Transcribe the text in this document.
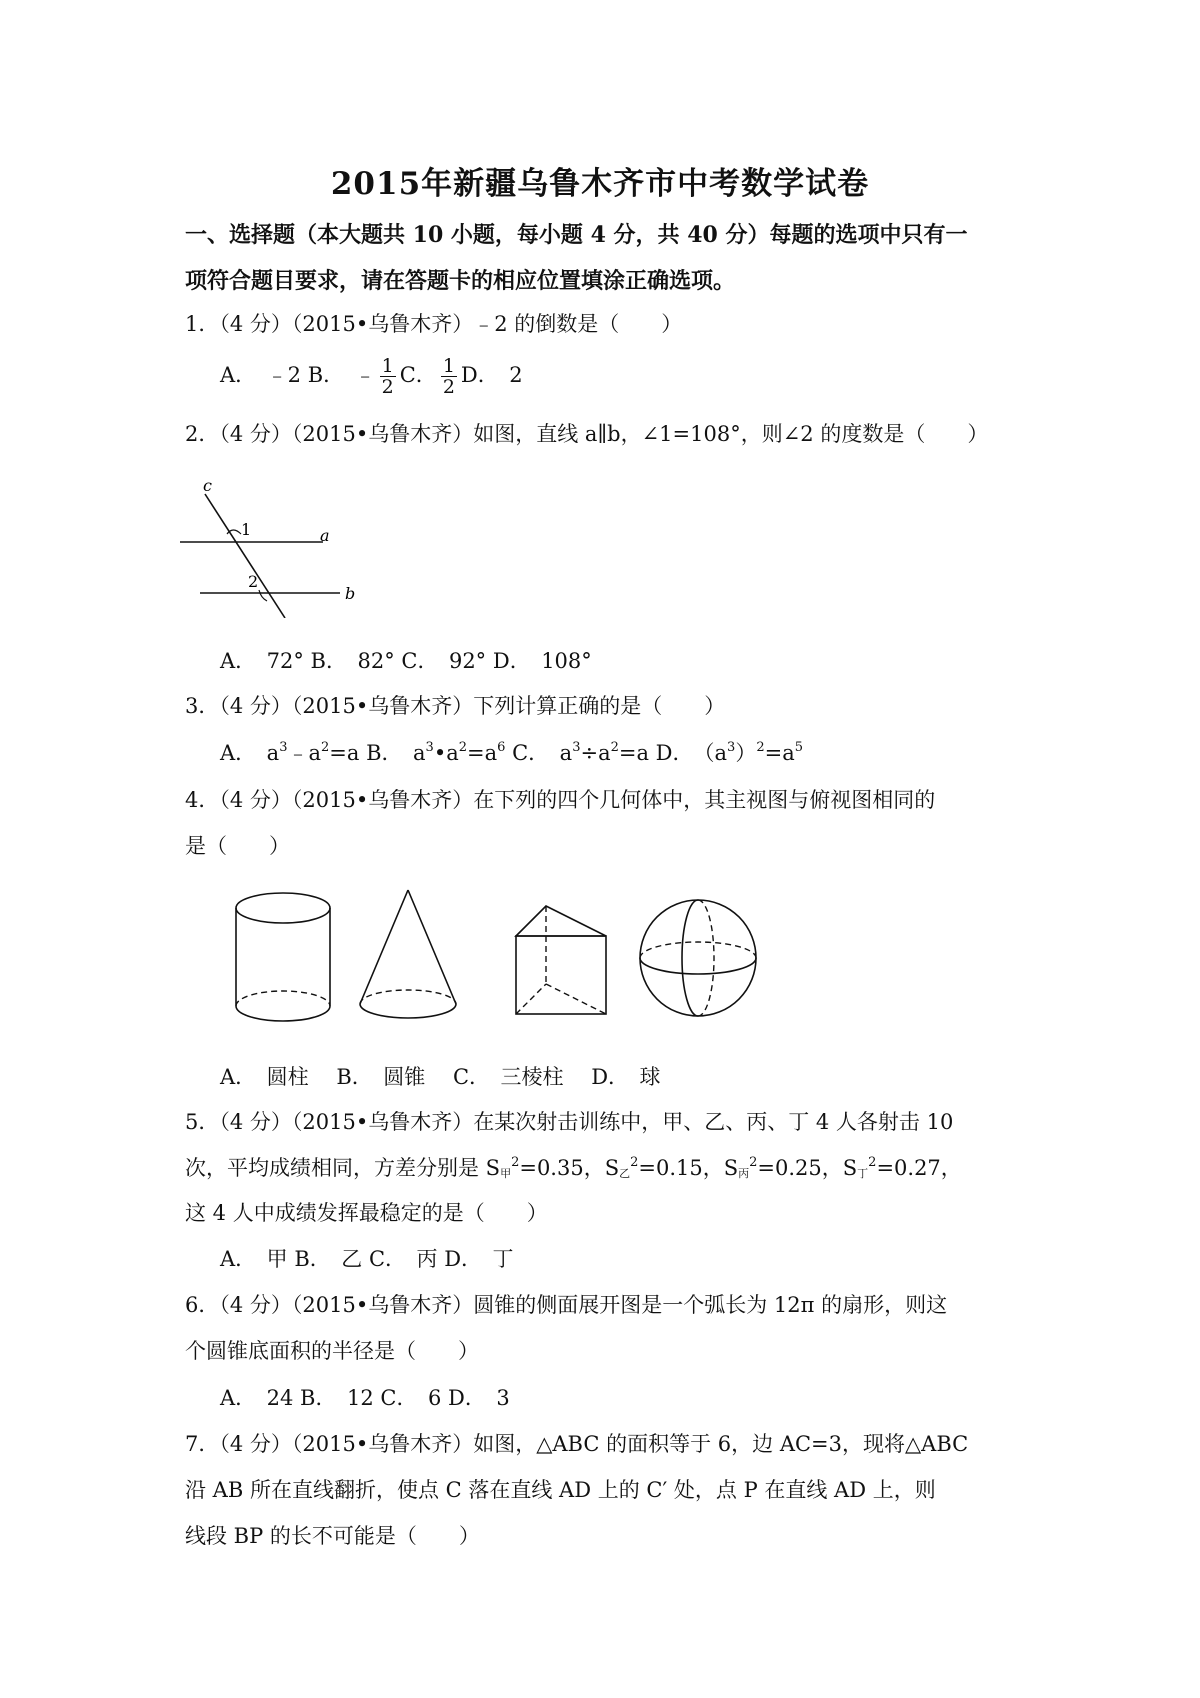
2015年新疆乌鲁木齐市中考数学试卷
一、选择题（本大题共 10 小题，每小题 4 分，共 40 分）每题的选项中只有一
项符合题目要求，请在答题卡的相应位置填涂正确选项。
1．（4 分）（2015•乌鲁木齐）﹣2 的倒数是（　　）
A．　﹣2 B．　﹣ $\frac{1}{2}$ C． $\frac{1}{2}$ D．　2
2．（4 分）（2015•乌鲁木齐）如图，直线 a∥b，∠1=108°，则∠2 的度数是（　　）
c
1	a
2
b
A．　72° B．　82° C．　92° D．　108°
3．（4 分）（2015•乌鲁木齐）下列计算正确的是（　　）
A．　$a^3﹣a^2=a$ B．　$a^3•a^2=a^6$ C．　$a^3\div a^2=a$ D．　$(a^3)^2=a^5$
4．（4 分）（2015•乌鲁木齐）在下列的四个几何体中，其主视图与俯视图相同的
是（　　）
A．　圆柱　 B．　圆锥　 C．　三棱柱　 D．　球
5．（4 分）（2015•乌鲁木齐）在某次射击训练中，甲、乙、丙、丁 4 人各射击 10
次，平均成绩相同，方差分别是 $S_甲^2=0.35$，$S_乙^2=0.15$，$S_丙^2=0.25$，$S_丁^2=0.27$，
这 4 人中成绩发挥最稳定的是（　　）
A．　甲 B．　乙 C．　丙 D．　丁
6．（4 分）（2015•乌鲁木齐）圆锥的侧面展开图是一个弧长为 12π 的扇形，则这
个圆锥底面积的半径是（　　）
A．　24 B．　12 C．　6 D．　3
7．（4 分）（2015•乌鲁木齐）如图，△ABC 的面积等于 6，边 AC=3，现将△ABC
沿 AB 所在直线翻折，使点 C 落在直线 AD 上的 C′ 处，点 P 在直线 AD 上，则
线段 BP 的长不可能是（　　）
